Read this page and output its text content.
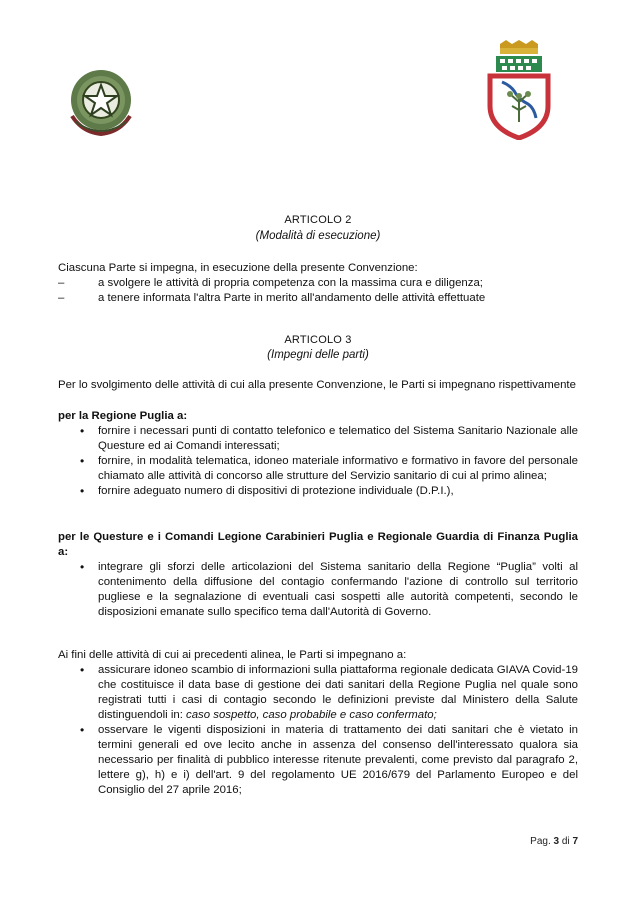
ARTICOLO 2
(Modalità di esecuzione)
Ciascuna Parte si impegna, in esecuzione della presente Convenzione:
–	a svolgere le attività di propria competenza con la massima cura e diligenza;
–	a tenere informata l'altra Parte in merito all'andamento delle attività effettuate
ARTICOLO 3
(Impegni delle parti)
Per lo svolgimento delle attività di cui alla presente Convenzione, le Parti si impegnano rispettivamente
per la Regione Puglia a:
• fornire i necessari punti di contatto telefonico e telematico del Sistema Sanitario Nazionale alle Questure ed ai Comandi interessati;
• fornire, in modalità telematica, idoneo materiale informativo e formativo in favore del personale chiamato alle attività di concorso alle strutture del Servizio sanitario di cui al primo alinea;
• fornire adeguato numero di dispositivi di protezione individuale (D.P.I.),
per le Questure e i Comandi Legione Carabinieri Puglia e Regionale Guardia di Finanza Puglia a:
• integrare gli sforzi delle articolazioni del Sistema sanitario della Regione “Puglia” volti al contenimento della diffusione del contagio confermando l'azione di controllo sul territorio pugliese e la segnalazione di eventuali casi sospetti alle autorità competenti, secondo le disposizioni emanate sullo specifico tema dall'Autorità di Governo.
Ai fini delle attività di cui ai precedenti alinea, le Parti si impegnano a:
• assicurare idoneo scambio di informazioni sulla piattaforma regionale dedicata GIAVA Covid-19 che costituisce il data base di gestione dei dati sanitari della Regione Puglia nel quale sono registrati tutti i casi di contagio secondo le definizioni previste dal Ministero della Salute distinguendoli in: caso sospetto, caso probabile e caso confermato;
• osservare le vigenti disposizioni in materia di trattamento dei dati sanitari che è vietato in termini generali ed ove lecito anche in assenza del consenso dell'interessato qualora sia necessario per finalità di pubblico interesse ritenute prevalenti, come previsto dal paragrafo 2, lettere g), h) e i) dell'art. 9 del regolamento UE 2016/679 del Parlamento Europeo e del Consiglio del 27 aprile 2016;
Pag. 3 di 7
